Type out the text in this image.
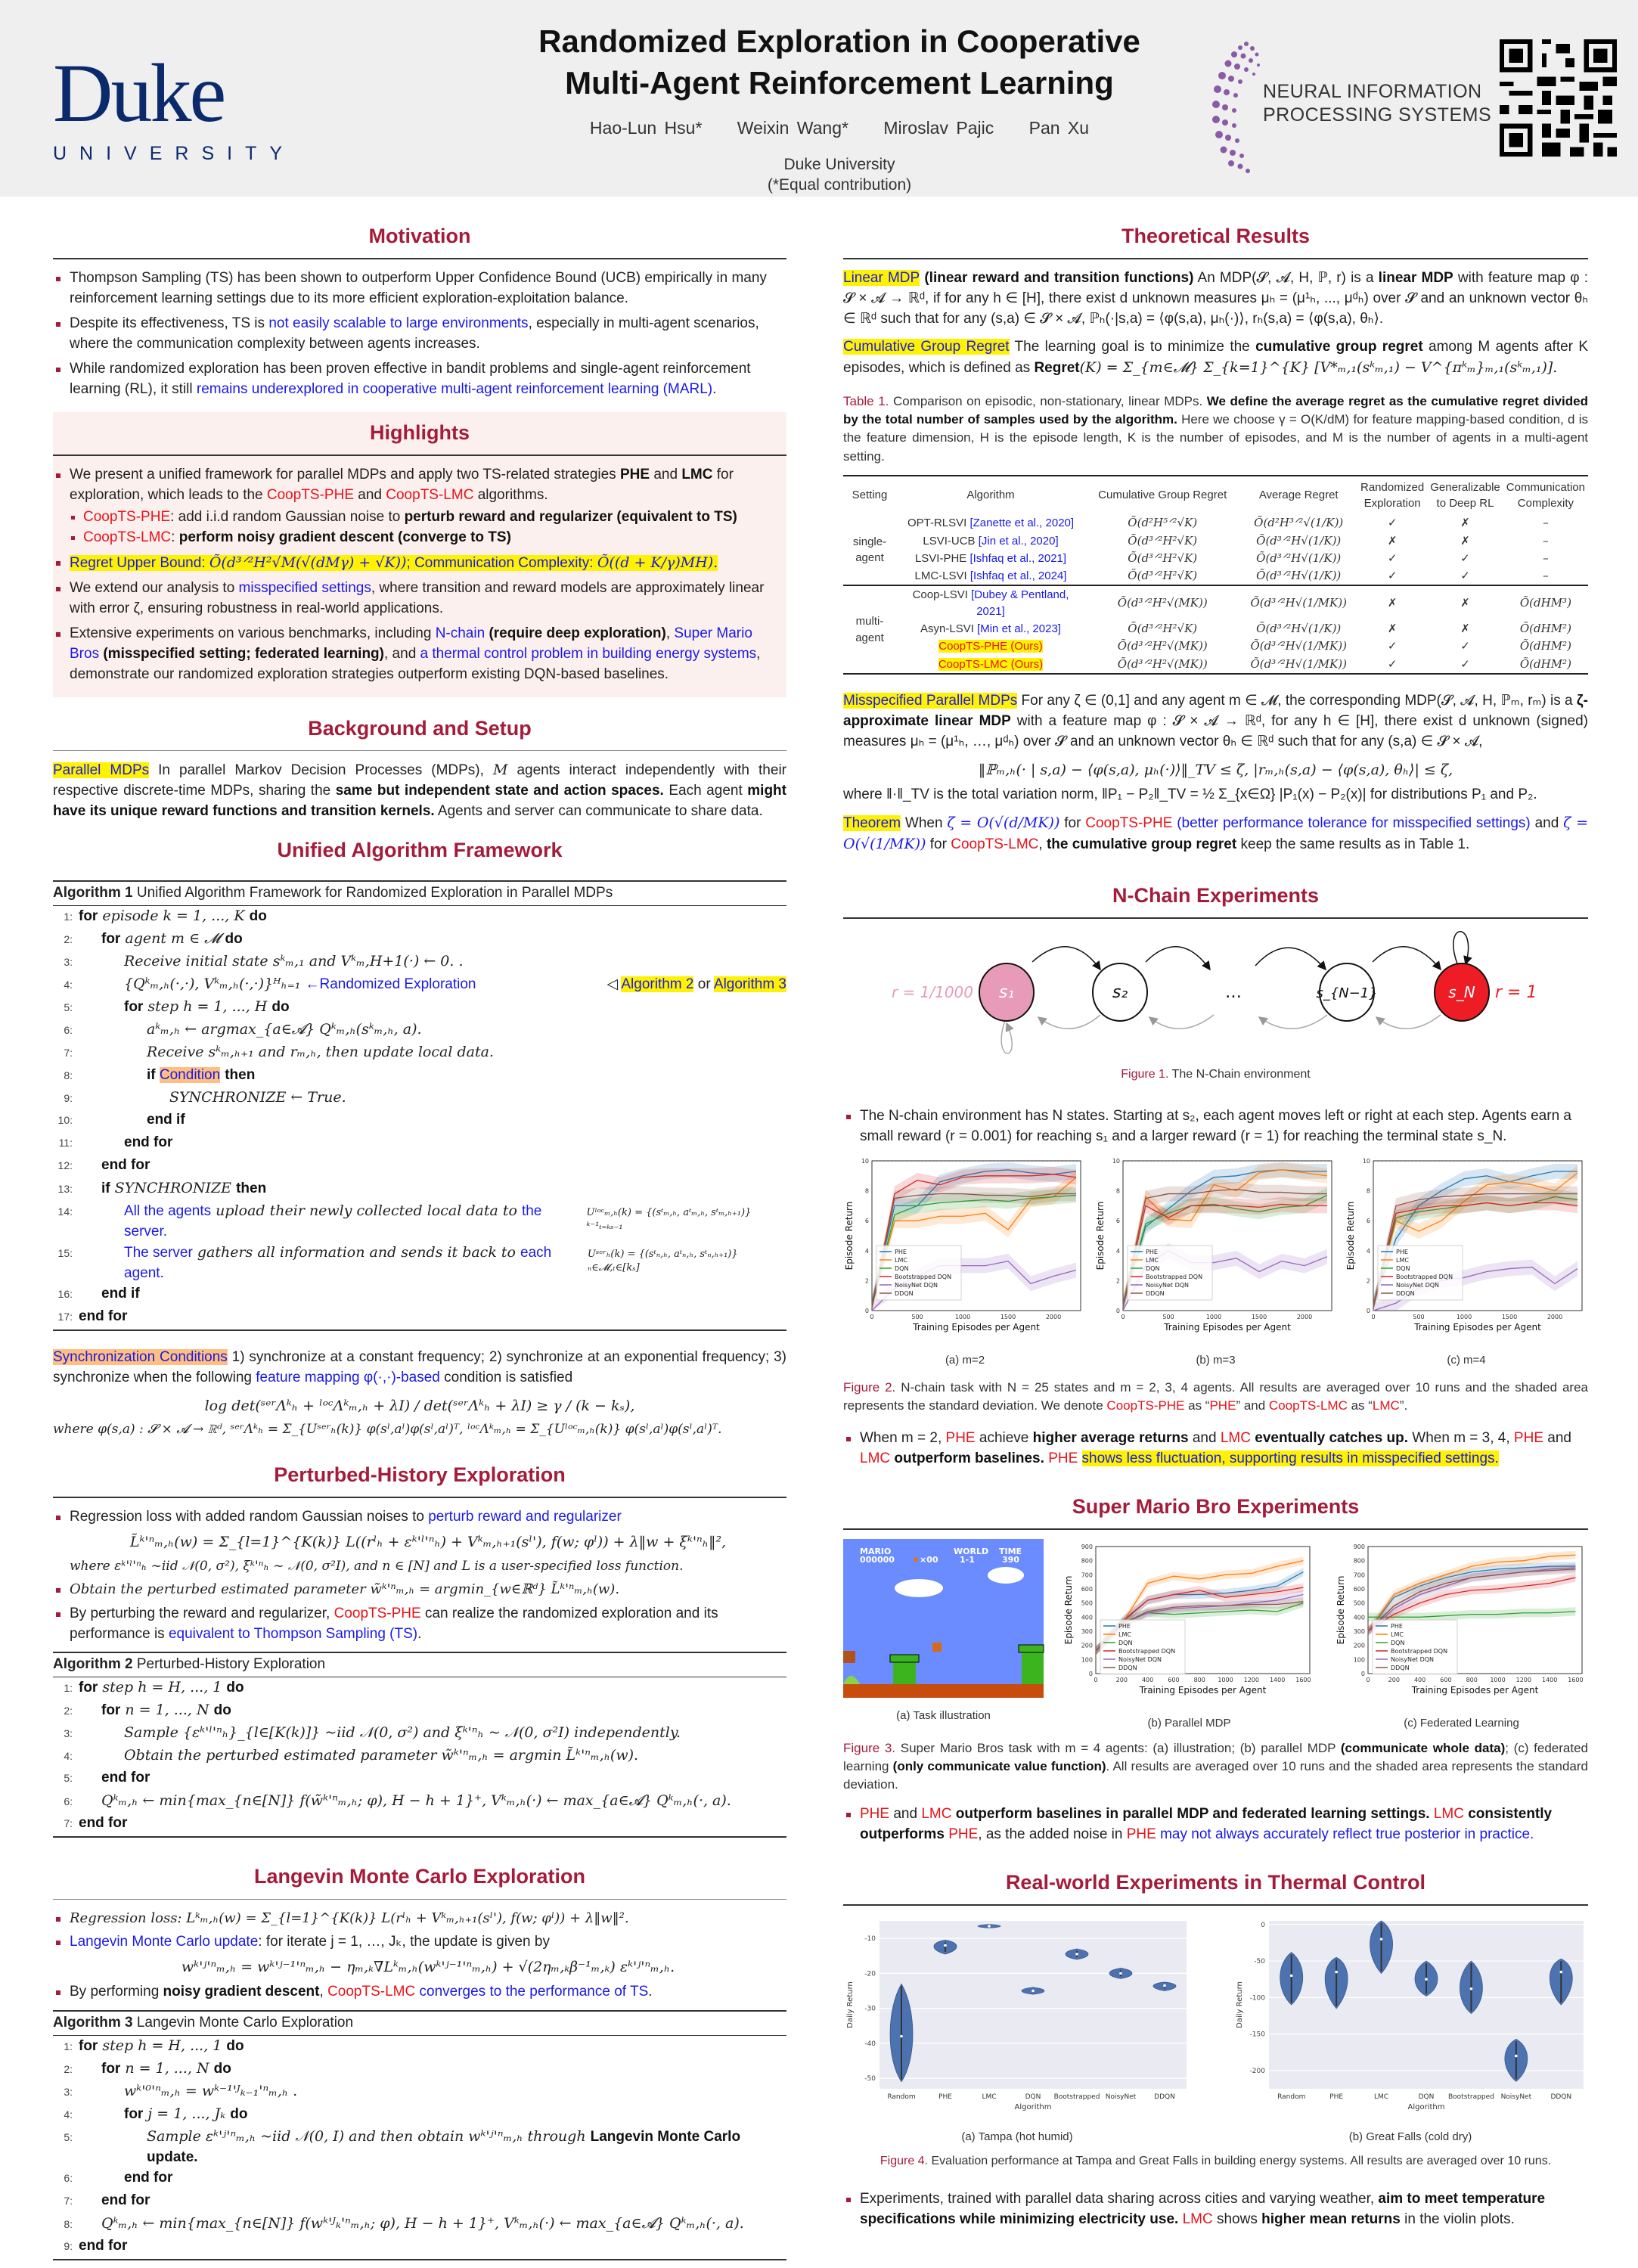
Duke
UNIVERSITY
Randomized Exploration in Cooperative
Multi-Agent Reinforcement Learning
Hao-Lun Hsu* Weixin Wang* Miroslav Pajic Pan Xu
Duke University
(*Equal contribution)
NEURAL INFORMATION
PROCESSING SYSTEMS
Motivation
Thompson Sampling (TS) has been shown to outperform Upper Confidence Bound (UCB) empirically in many reinforcement learning settings due to its more efficient exploration-exploitation balance.
Despite its effectiveness, TS is not easily scalable to large environments, especially in multi-agent scenarios, where the communication complexity between agents increases.
While randomized exploration has been proven effective in bandit problems and single-agent reinforcement learning (RL), it still remains underexplored in cooperative multi-agent reinforcement learning (MARL).
Highlights
We present a unified framework for parallel MDPs and apply two TS-related strategies PHE and LMC for exploration, which leads to the CoopTS-PHE and CoopTS-LMC algorithms.
CoopTS-PHE: add i.i.d random Gaussian noise to perturb reward and regularizer (equivalent to TS)
CoopTS-LMC: perform noisy gradient descent (converge to TS)
Regret Upper Bound: Õ(d³ᐟ²H²√M(√(dMγ) + √K)); Communication Complexity: Õ((d + K/γ)MH).
We extend our analysis to misspecified settings, where transition and reward models are approximately linear with error ζ, ensuring robustness in real-world applications.
Extensive experiments on various benchmarks, including N-chain (require deep exploration), Super Mario Bros (misspecified setting; federated learning), and a thermal control problem in building energy systems, demonstrate our randomized exploration strategies outperform existing DQN-based baselines.
Background and Setup

Parallel MDPs In parallel Markov Decision Processes (MDPs), M agents interact independently with their respective discrete-time MDPs, sharing the same but independent state and action spaces. Each agent might have its unique reward functions and transition kernels. Agents and server can communicate to share data.

Unified Algorithm Framework
Algorithm 1 Unified Algorithm Framework for Randomized Exploration in Parallel MDPs
1: for episode k = 1, ..., K do
2:	for agent m ∈ 𝓜 do
3:	Receive initial state sᵏₘ,₁ and Vᵏₘ,H+1(·) ← 0. .
4:	{Qᵏₘ,ₕ(·,·), Vᵏₘ,ₕ(·,·)}ᴴₕ₌₁ ←Randomized Exploration	◁ Algorithm 2 or Algorithm 3
5:	for step h = 1, ..., H do
6:	aᵏₘ,ₕ ← argmax_{a∈𝓐} Qᵏₘ,ₕ(sᵏₘ,ₕ, a).
7:	Receive sᵏₘ,ₕ₊₁ and rₘ,ₕ, then update local data.
8:	if Condition then
9:	SYNCHRONIZE ← True.
10:	end if
11:	end for
12:	end for
13:	if SYNCHRONIZE then
14:	All the agents upload their newly collected local data to the server.
Uˡᵒᶜₘ,ₕ(k) = {(sᵗₘ,ₕ, aᵗₘ,ₕ, sᵗₘ,ₕ₊₁)}ᵏ⁻¹ₜ₌ₖₛ₋₁
15:	The server gathers all information and sends it back to each agent.
Uˢᵉʳₕ(k) = {(sᵗₙ,ₕ, aᵗₙ,ₕ, sᵗₙ,ₕ₊₁)}ₙ∈𝓜,ₜ∈[kₛ]
16:	end if
17: end for

Synchronization Conditions 1) synchronize at a constant frequency; 2) synchronize at an exponential frequency; 3) synchronize when the following feature mapping φ(·,·)-based condition is satisfied

log det(ˢᵉʳΛᵏₕ + ˡᵒᶜΛᵏₘ,ₕ + λI) / det(ˢᵉʳΛᵏₕ + λI) ≥ γ / (k − kₛ),
where φ(s,a) : 𝓢 × 𝓐 → ℝᵈ, ˢᵉʳΛᵏₕ = Σ_{Uˢᵉʳₕ(k)} φ(sˡ,aˡ)φ(sˡ,aˡ)ᵀ, ˡᵒᶜΛᵏₘ,ₕ = Σ_{Uˡᵒᶜₘ,ₕ(k)} φ(sˡ,aˡ)φ(sˡ,aˡ)ᵀ.
Perturbed-History Exploration
Regression loss with added random Gaussian noises to perturb reward and regularizer
L̃ᵏ'ⁿₘ,ₕ(w) = Σ_{l=1}^{K(k)} L((rˡₕ + εᵏ'ˡ'ⁿₕ) + Vᵏₘ,ₕ₊₁(sˡ'), f(w; φˡ)) + λ‖w + ξᵏ'ⁿₕ‖²,
where εᵏ'ˡ'ⁿₕ ~iid 𝒩(0, σ²), ξᵏ'ⁿₕ ~ 𝒩(0, σ²I), and n ∈ [N] and L is a user-specified loss function.
Obtain the perturbed estimated parameter w̃ᵏ'ⁿₘ,ₕ = argmin_{w∈ℝᵈ} L̃ᵏ'ⁿₘ,ₕ(w).
By perturbing the reward and regularizer, CoopTS-PHE can realize the randomized exploration and its performance is equivalent to Thompson Sampling (TS).
Algorithm 2 Perturbed-History Exploration
1: for step h = H, ..., 1 do
2:	for n = 1, ..., N do
3:	Sample {εᵏ'ˡ'ⁿₕ}_{l∈[K(k)]} ~iid 𝒩(0, σ²) and ξᵏ'ⁿₕ ~ 𝒩(0, σ²I) independently.
4:	Obtain the perturbed estimated parameter w̃ᵏ'ⁿₘ,ₕ = argmin L̃ᵏ'ⁿₘ,ₕ(w).
5:	end for
6:	Qᵏₘ,ₕ ← min{max_{n∈[N]} f(w̃ᵏ'ⁿₘ,ₕ; φ), H − h + 1}⁺, Vᵏₘ,ₕ(·) ← max_{a∈𝓐} Qᵏₘ,ₕ(·, a).
7: end for
Langevin Monte Carlo Exploration
Regression loss: Lᵏₘ,ₕ(w) = Σ_{l=1}^{K(k)} L(rˡₕ + Vᵏₘ,ₕ₊₁(sˡ'), f(w; φˡ)) + λ‖w‖².
Langevin Monte Carlo update: for iterate j = 1, …, Jₖ, the update is given by
wᵏ'ʲ'ⁿₘ,ₕ = wᵏ'ʲ⁻¹'ⁿₘ,ₕ − ηₘ,ₖ∇Lᵏₘ,ₕ(wᵏ'ʲ⁻¹'ⁿₘ,ₕ) + √(2ηₘ,ₖβ⁻¹ₘ,ₖ) εᵏ'ʲ'ⁿₘ,ₕ.
By performing noisy gradient descent, CoopTS-LMC converges to the performance of TS.
Algorithm 3 Langevin Monte Carlo Exploration
1: for step h = H, ..., 1 do
2:	for n = 1, ..., N do
3:	wᵏ'⁰'ⁿₘ,ₕ = wᵏ⁻¹'ᴶₖ₋₁'ⁿₘ,ₕ .
4:	for j = 1, ..., Jₖ do
5:	Sample εᵏ'ʲ'ⁿₘ,ₕ ~iid 𝒩(0, I) and then obtain wᵏ'ʲ'ⁿₘ,ₕ through Langevin Monte Carlo update.
6:	end for
7:	end for
8:	Qᵏₘ,ₕ ← min{max_{n∈[N]} f(wᵏ'ᴶₖ'ⁿₘ,ₕ; φ), H − h + 1}⁺, Vᵏₘ,ₕ(·) ← max_{a∈𝓐} Qᵏₘ,ₕ(·, a).
9: end for
Theoretical Results

Linear MDP (linear reward and transition functions) An MDP(𝓢, 𝓐, H, ℙ, r) is a linear MDP with feature map φ : 𝓢 × 𝓐 → ℝᵈ, if for any h ∈ [H], there exist d unknown measures μₕ = (μ¹ₕ, ..., μᵈₕ) over 𝓢 and an unknown vector θₕ ∈ ℝᵈ such that for any (s,a) ∈ 𝓢 × 𝓐, ℙₕ(·|s,a) = ⟨φ(s,a), μₕ(·)⟩, rₕ(s,a) = ⟨φ(s,a), θₕ⟩.

Cumulative Group Regret The learning goal is to minimize the cumulative group regret among M agents after K episodes, which is defined as Regret(K) = Σ_{m∈𝓜} Σ_{k=1}^{K} [V*ₘ,₁(sᵏₘ,₁) − V^{πᵏₘ}ₘ,₁(sᵏₘ,₁)].

Table 1. Comparison on episodic, non-stationary, linear MDPs. We define the average regret as the cumulative regret divided by the total number of samples used by the algorithm. Here we choose γ = O(K/dM) for feature mapping-based condition, d is the feature dimension, H is the episode length, K is the number of episodes, and M is the number of agents in a multi-agent setting.

Setting	Algorithm	Cumulative Group Regret	Average Regret	Randomized Exploration	Generalizable to Deep RL	Communication Complexity
single-agent	OPT-RLSVI [Zanette et al., 2020]	Õ(d²H⁵ᐟ²√K)	Õ(d²H³ᐟ²√(1/K))	✓	✗	–
	LSVI-UCB [Jin et al., 2020]	Õ(d³ᐟ²H²√K)	Õ(d³ᐟ²H√(1/K))	✗	✗	–
	LSVI-PHE [Ishfaq et al., 2021]	Õ(d³ᐟ²H²√K)	Õ(d³ᐟ²H√(1/K))	✓	✓	–
	LMC-LSVI [Ishfaq et al., 2024]	Õ(d³ᐟ²H²√K)	Õ(d³ᐟ²H√(1/K))	✓	✓	–
multi-agent	Coop-LSVI [Dubey & Pentland, 2021]	Õ(d³ᐟ²H²√(MK))	Õ(d³ᐟ²H√(1/MK))	✗	✗	Õ(dHM³)
	Asyn-LSVI [Min et al., 2023]	Õ(d³ᐟ²H²√K)	Õ(d³ᐟ²H√(1/K))	✗	✗	Õ(dHM²)
	CoopTS-PHE (Ours)	Õ(d³ᐟ²H²√(MK))	Õ(d³ᐟ²H√(1/MK))	✓	✓	Õ(dHM²)
	CoopTS-LMC (Ours)	Õ(d³ᐟ²H²√(MK))	Õ(d³ᐟ²H√(1/MK))	✓	✓	Õ(dHM²)

Misspecified Parallel MDPs For any ζ ∈ (0,1] and any agent m ∈ 𝓜, the corresponding MDP(𝓢, 𝓐, H, ℙₘ, rₘ) is a ζ-approximate linear MDP with a feature map φ : 𝓢 × 𝓐 → ℝᵈ, for any h ∈ [H], there exist d unknown (signed) measures μₕ = (μ¹ₕ, …, μᵈₕ) over 𝓢 and an unknown vector θₕ ∈ ℝᵈ such that for any (s,a) ∈ 𝓢 × 𝓐,

‖ℙₘ,ₕ(· | s,a) − ⟨φ(s,a), μₕ(·)⟩‖_TV ≤ ζ, |rₘ,ₕ(s,a) − ⟨φ(s,a), θₕ⟩| ≤ ζ,

where ‖·‖_TV is the total variation norm, ‖P₁ − P₂‖_TV = ½ Σ_{x∈Ω} |P₁(x) − P₂(x)| for distributions P₁ and P₂.

Theorem When ζ = O(√(d/MK)) for CoopTS-PHE (better performance tolerance for misspecified settings) and ζ = O(√(1/MK)) for CoopTS-LMC, the cumulative group regret keep the same results as in Table 1.

N-Chain Experiments
s₁	s₂	…	s_{N−1}	s_N
r = 1/1000	r = 1
Figure 1. The N-Chain environment
The N-chain environment has N states. Starting at s₂, each agent moves left or right at each step. Agents earn a small reward (r = 0.001) for reaching s₁ and a larger reward (r = 1) for reaching the terminal state s_N.
0
2
4
6
8
10
0	500	1000	1500	2000
PHE
LMC
DQN
Bootstrapped DQN
NoisyNet DQN
DDQN
Training Episodes per Agent
Episode Return
(a) m=2
0
2
4
6
8
10
0	500	1000	1500	2000
PHE
LMC
DQN
Bootstrapped DQN
NoisyNet DQN
DDQN
Training Episodes per Agent
Episode Return
(b) m=3
0
2
4
6
8
10
0	500	1000	1500	2000
PHE
LMC
DQN
Bootstrapped DQN
NoisyNet DQN
DDQN
Training Episodes per Agent
Episode Return
(c) m=4

Figure 2. N-chain task with N = 25 states and m = 2, 3, 4 agents. All results are averaged over 10 runs and the shaded area represents the standard deviation. We denote CoopTS-PHE as “PHE” and CoopTS-LMC as “LMC”.

When m = 2, PHE achieve higher average returns and LMC eventually catches up. When m = 3, 4, PHE and LMC outperform baselines. PHE shows less fluctuation, supporting results in misspecified settings.
Super Mario Bro Experiments
MARIO
000000	×00
WORLD
1-1
TIME
390
(a) Task illustration
0
100
200
300
400
500
600
700
800
900
0	200 400 600 800 1000 1200 1400 1600
PHE
LMC
DQN
Bootstrapped DQN
NoisyNet DQN
DDQN
Training Episodes per Agent
Episode Return
(b) Parallel MDP
0
100
200
300
400
500
600
700
800
900
0	200 400 600 800 1000 1200 1400 1600
PHE
LMC
DQN
Bootstrapped DQN
NoisyNet DQN
DDQN
Training Episodes per Agent
Episode Return
(c) Federated Learning

Figure 3. Super Mario Bros task with m = 4 agents: (a) illustration; (b) parallel MDP (communicate whole data); (c) federated learning (only communicate value function). All results are averaged over 10 runs and the shaded area represents the standard deviation.

PHE and LMC outperform baselines in parallel MDP and federated learning settings. LMC consistently outperforms PHE, as the added noise in PHE may not always accurately reflect true posterior in practice.
Real-world Experiments in Thermal Control
-10
-20
-30
-40
-50
Random	PHE	LMC	DQN Bootstrapped NoisyNet	DDQN
Algorithm
Daily Return
(a) Tampa (hot humid)
0
-50
-100
-150
-200
Random	PHE	LMC	DQN Bootstrapped NoisyNet	DDQN
Algorithm
Daily Return
(b) Great Falls (cold dry)
Figure 4. Evaluation performance at Tampa and Great Falls in building energy systems. All results are averaged over 10 runs.
Experiments, trained with parallel data sharing across cities and varying weather, aim to meet temperature specifications while minimizing electricity use. LMC shows higher mean returns in the violin plots.
